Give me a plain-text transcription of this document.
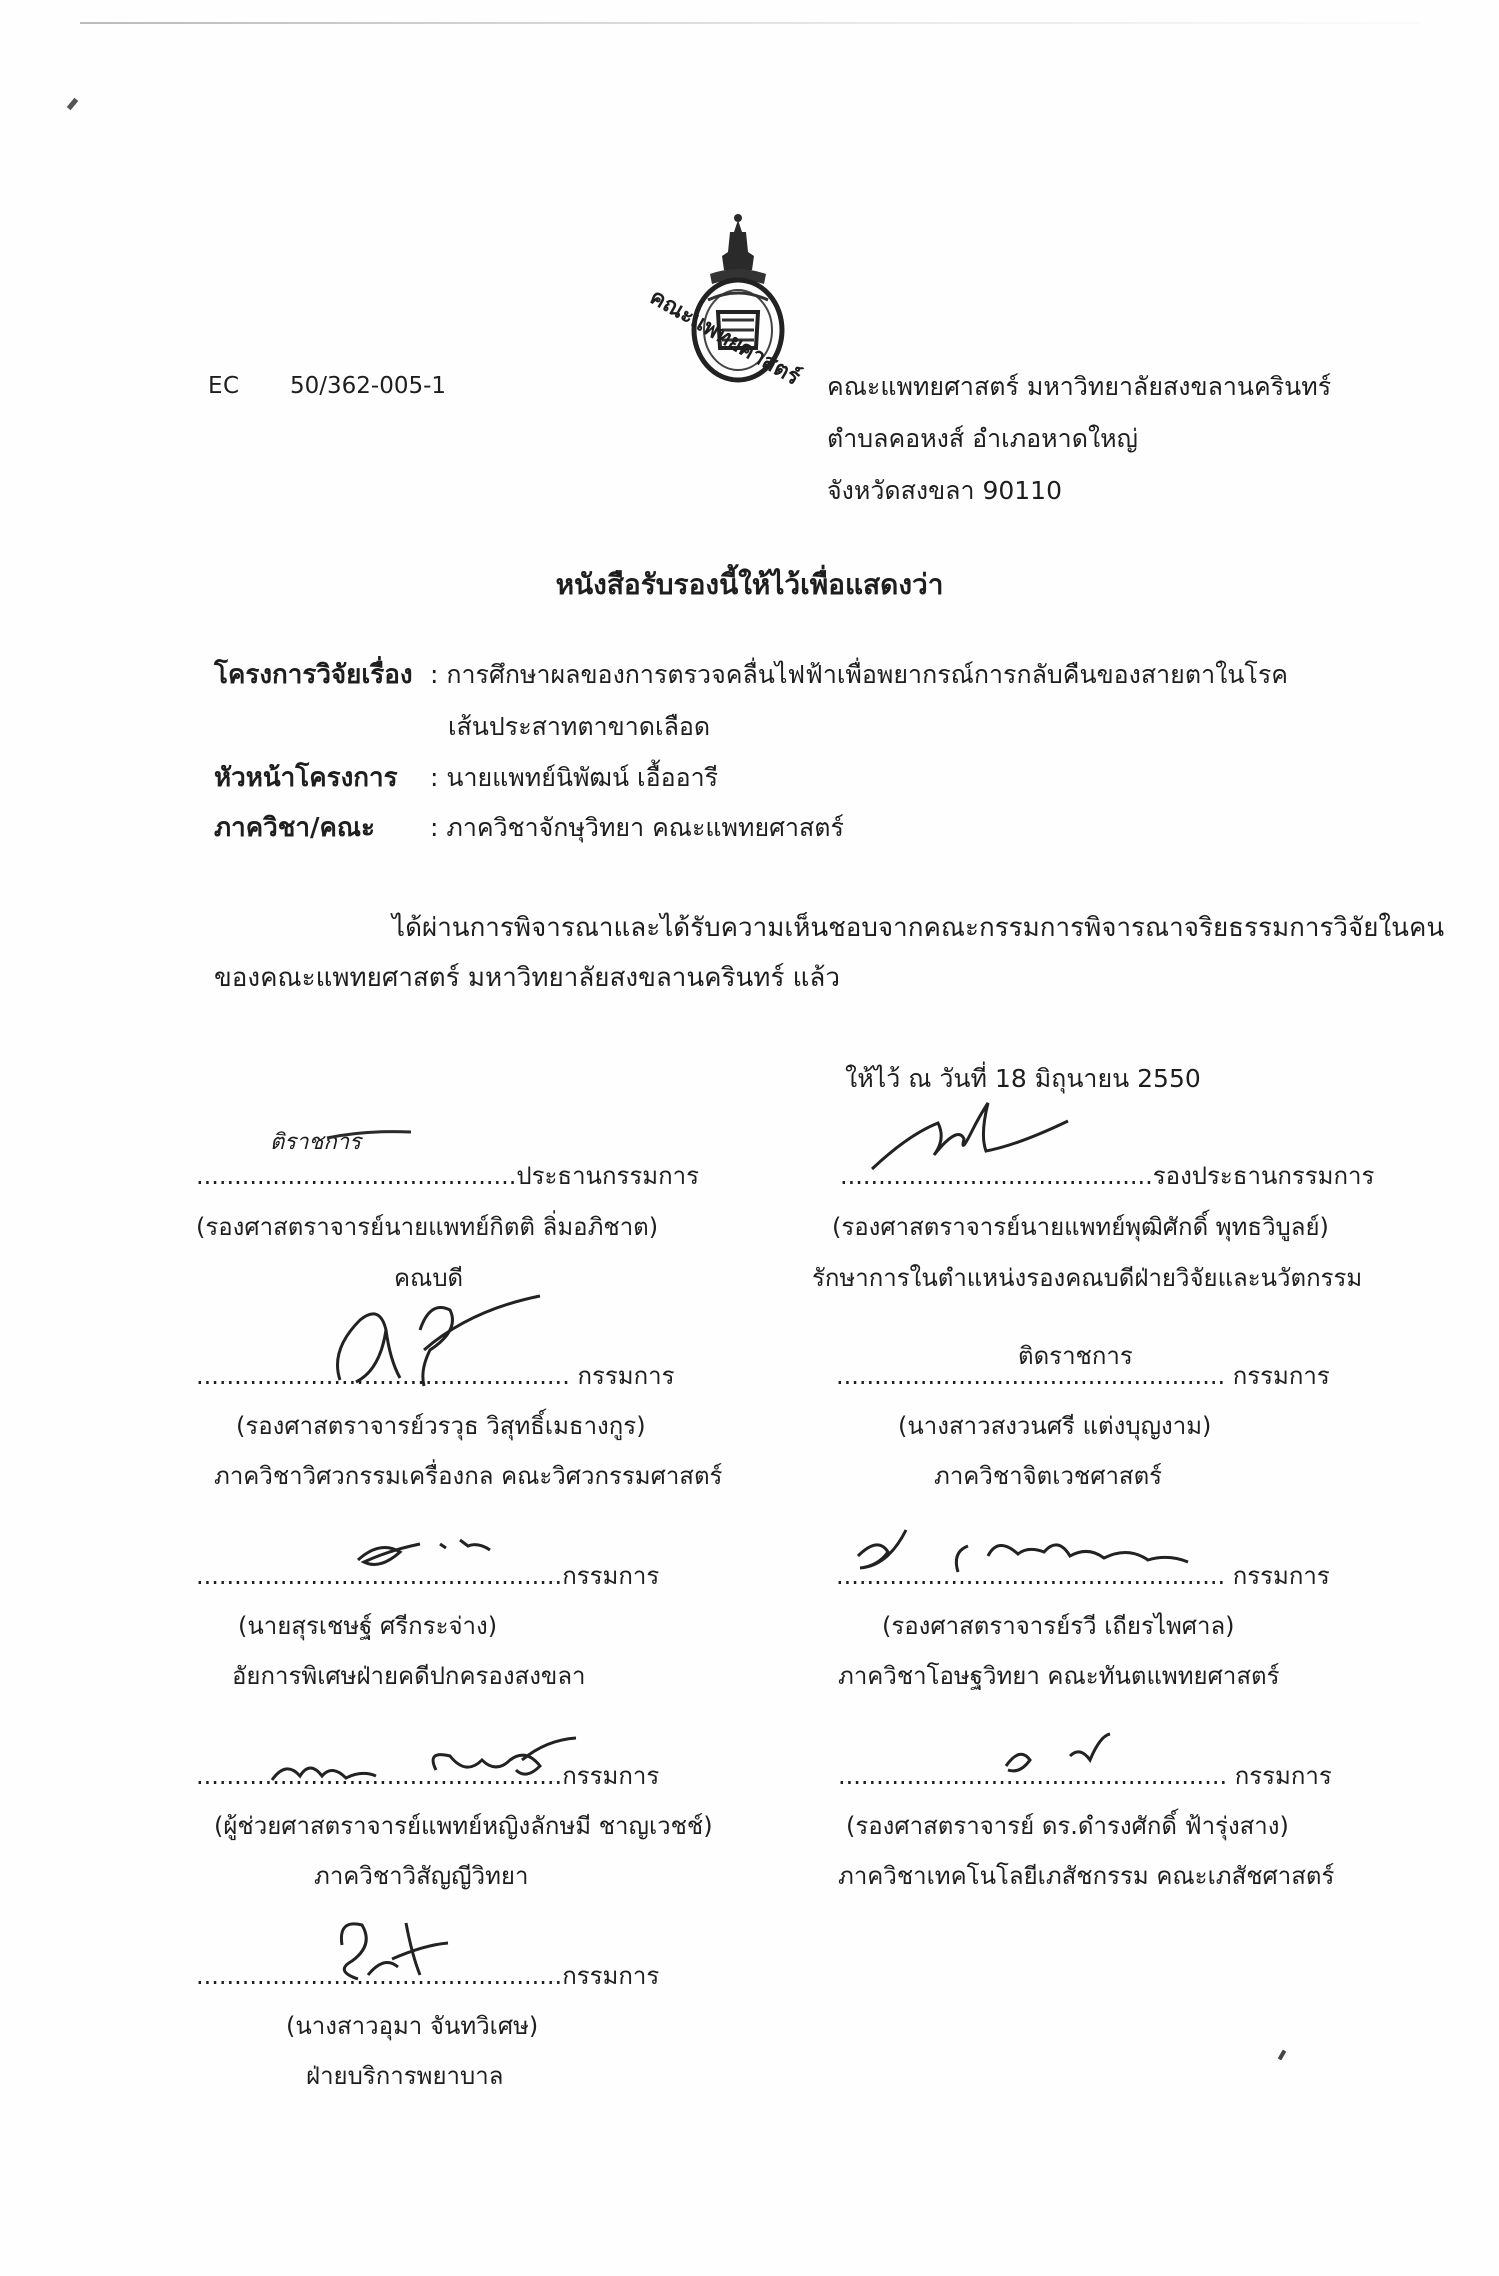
คณะแพทยศาสตร์
EC 50/362-005-1	คณะแพทยศาสตร์ มหาวิทยาลัยสงขลานครินทร์
ตำบลคอหงส์ อำเภอหาดใหญ่
จังหวัดสงขลา 90110
หนังสือรับรองนี้ให้ไว้เพื่อแสดงว่า
โครงการวิจัยเรื่อง : การศึกษาผลของการตรวจคลื่นไฟฟ้าเพื่อพยากรณ์การกลับคืนของสายตาในโรค
เส้นประสาทตาขาดเลือด
หัวหน้าโครงการ : นายแพทย์นิพัฒน์ เอื้ออารี
ภาควิชา/คณะ : ภาควิชาจักษุวิทยา คณะแพทยศาสตร์
ได้ผ่านการพิจารณาและได้รับความเห็นชอบจากคณะกรรมการพิจารณาจริยธรรมการวิจัยในคน
ของคณะแพทยศาสตร์ มหาวิทยาลัยสงขลานครินทร์ แล้ว
ให้ไว้ ณ วันที่ 18 มิถุนายน 2550
ติราชการ
..........................................ประธานกรรมการ
(รองศาสตราจารย์นายแพทย์กิตติ ลิ่มอภิชาต)
คณบดี
.........................................รองประธานกรรมการ
(รองศาสตราจารย์นายแพทย์พุฒิศักดิ์ พุทธวิบูลย์)
รักษาการในตำแหน่งรองคณบดีฝ่ายวิจัยและนวัตกรรม
................................................. กรรมการ
(รองศาสตราจารย์วรวุธ วิสุทธิ์เมธางกูร)
ภาควิชาวิศวกรรมเครื่องกล คณะวิศวกรรมศาสตร์
ติดราชการ
................................................... กรรมการ
(นางสาวสงวนศรี แต่งบุญงาม)
ภาควิชาจิตเวชศาสตร์
................................................กรรมการ
(นายสุรเชษฐ์ ศรีกระจ่าง)
อัยการพิเศษฝ่ายคดีปกครองสงขลา
................................................... กรรมการ
(รองศาสตราจารย์รวี เถียรไพศาล)
ภาควิชาโอษฐวิทยา คณะทันตแพทยศาสตร์
................................................กรรมการ
(ผู้ช่วยศาสตราจารย์แพทย์หญิงลักษมี ชาญเวชช์)
ภาควิชาวิสัญญีวิทยา
................................................... กรรมการ
(รองศาสตราจารย์ ดร.ดำรงศักดิ์ ฟ้ารุ่งสาง)
ภาควิชาเทคโนโลยีเภสัชกรรม คณะเภสัชศาสตร์
................................................กรรมการ
(นางสาวอุมา จันทวิเศษ)
ฝ่ายบริการพยาบาล
